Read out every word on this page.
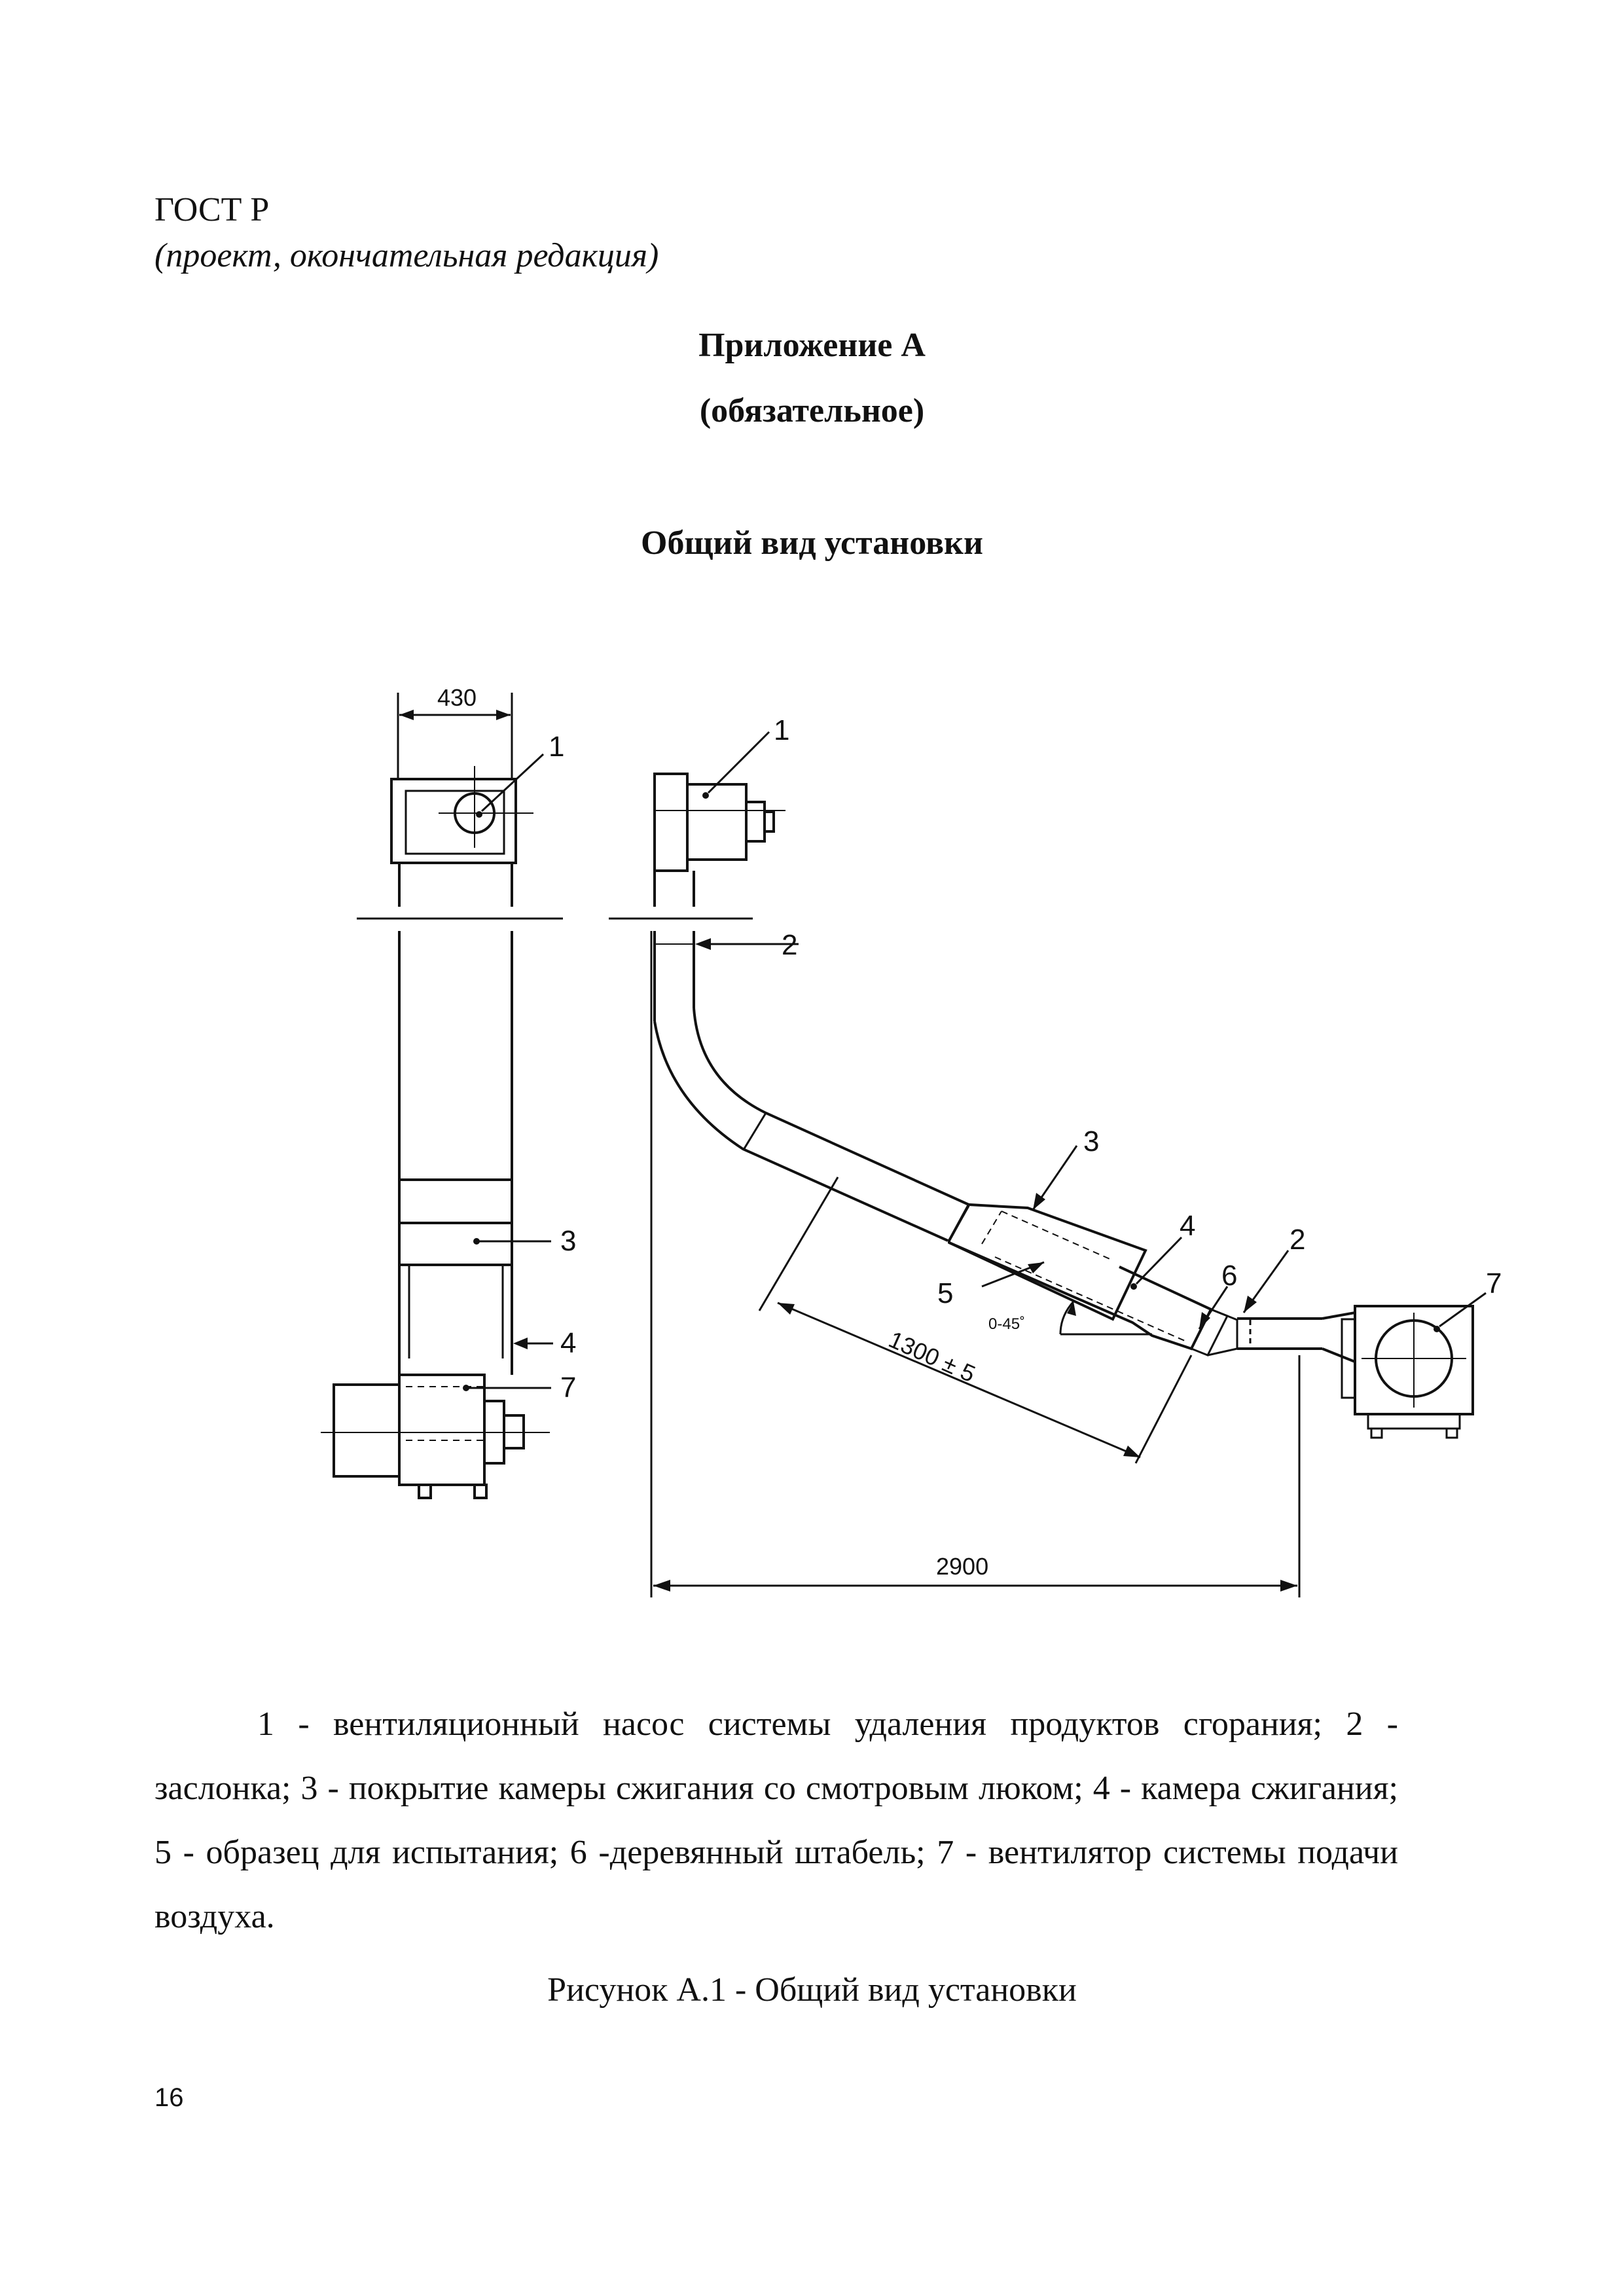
ГОСТ Р
(проект, окончательная редакция)
Приложение А
(обязательное)
Общий вид установки
430
1
3
4
7
1
2
3
4
5
0-45˚
6
2
7
1300 ± 5
2900

1 - вентиляционный насос системы удаления продуктов сгорания; 2 - заслонка; 3 - покрытие камеры сжигания со смотровым люком; 4 - камера сжигания; 5 - образец для испытания; 6 -деревянный штабель; 7 - вентилятор системы подачи воздуха.

Рисунок А.1 - Общий вид установки
16
